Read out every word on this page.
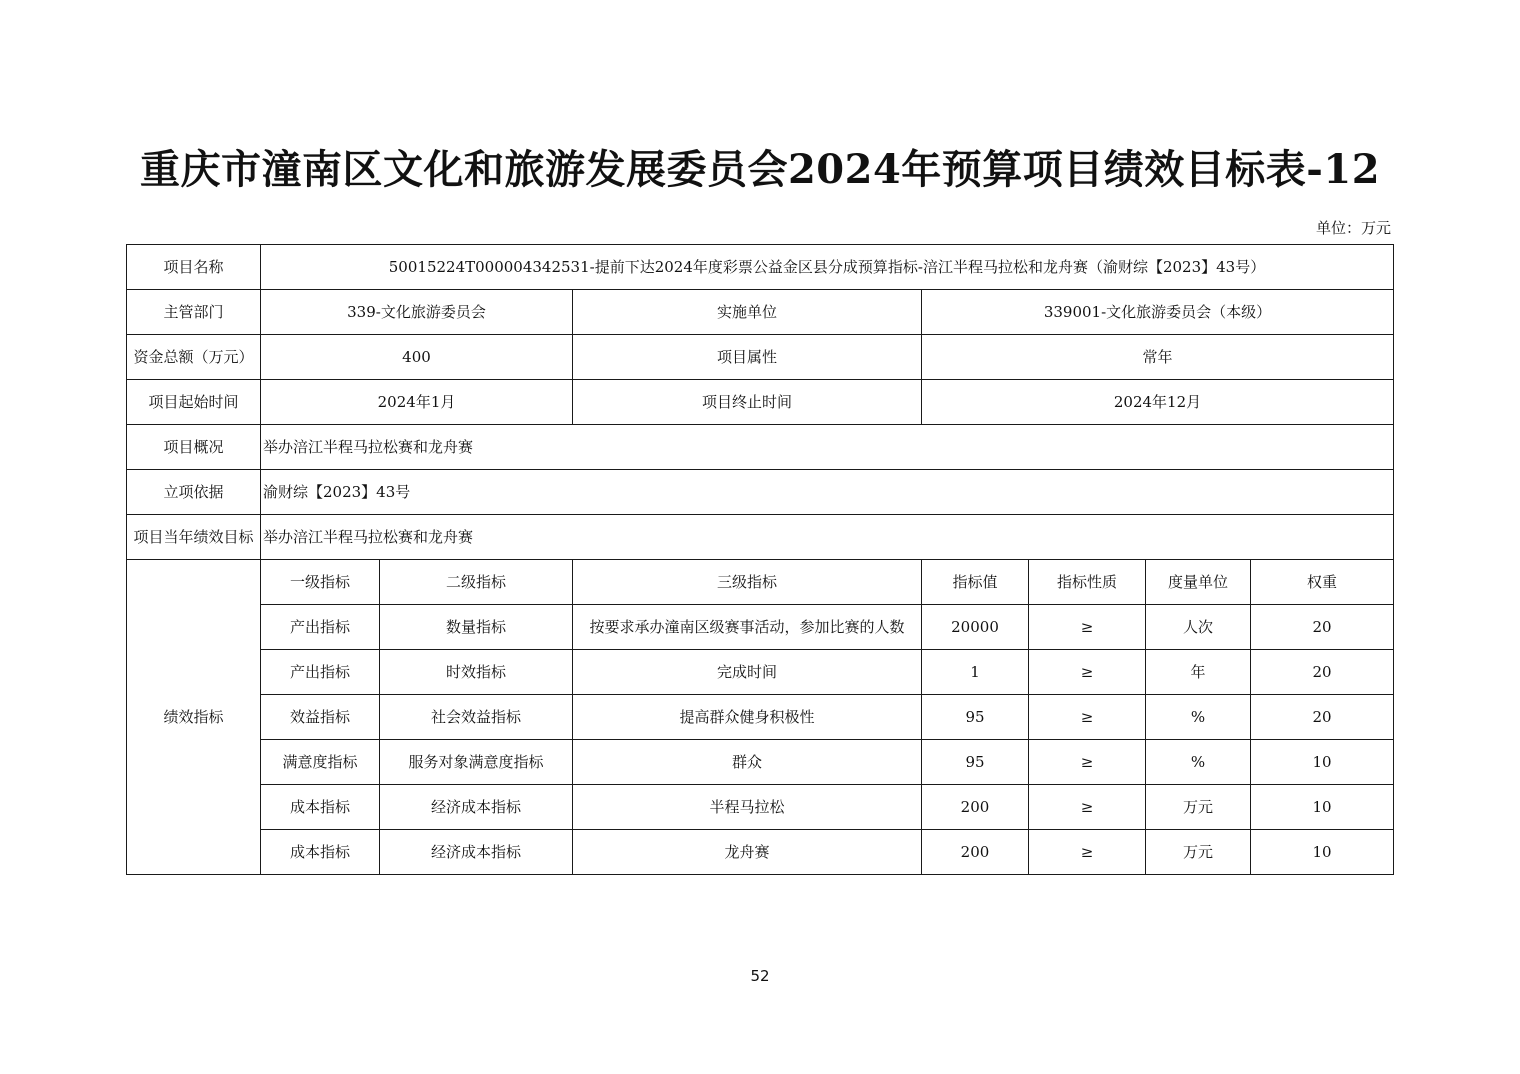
重庆市潼南区文化和旅游发展委员会2024年预算项目绩效目标表-12
单位：万元
项目名称	50015224T000004342531-提前下达2024年度彩票公益金区县分成预算指标-涪江半程马拉松和龙舟赛（渝财综【2023】43号）						
主管部门	339-文化旅游委员会		实施单位	339001-文化旅游委员会（本级）			
资金总额（万元）	400		项目属性	常年			
项目起始时间	2024年1月		项目终止时间	2024年12月			
项目概况	举办涪江半程马拉松赛和龙舟赛						
立项依据	渝财综【2023】43号						
项目当年绩效目标	举办涪江半程马拉松赛和龙舟赛						
绩效指标	一级指标	二级指标	三级指标	指标值	指标性质	度量单位	权重
	产出指标	数量指标	按要求承办潼南区级赛事活动，参加比赛的人数	20000	≥	人次	20
	产出指标	时效指标	完成时间	1	≥	年	20
	效益指标	社会效益指标	提高群众健身积极性	95	≥	%	20
	满意度指标	服务对象满意度指标	群众	95	≥	%	10
	成本指标	经济成本指标	半程马拉松	200	≥	万元	10
	成本指标	经济成本指标	龙舟赛	200	≥	万元	10
52
